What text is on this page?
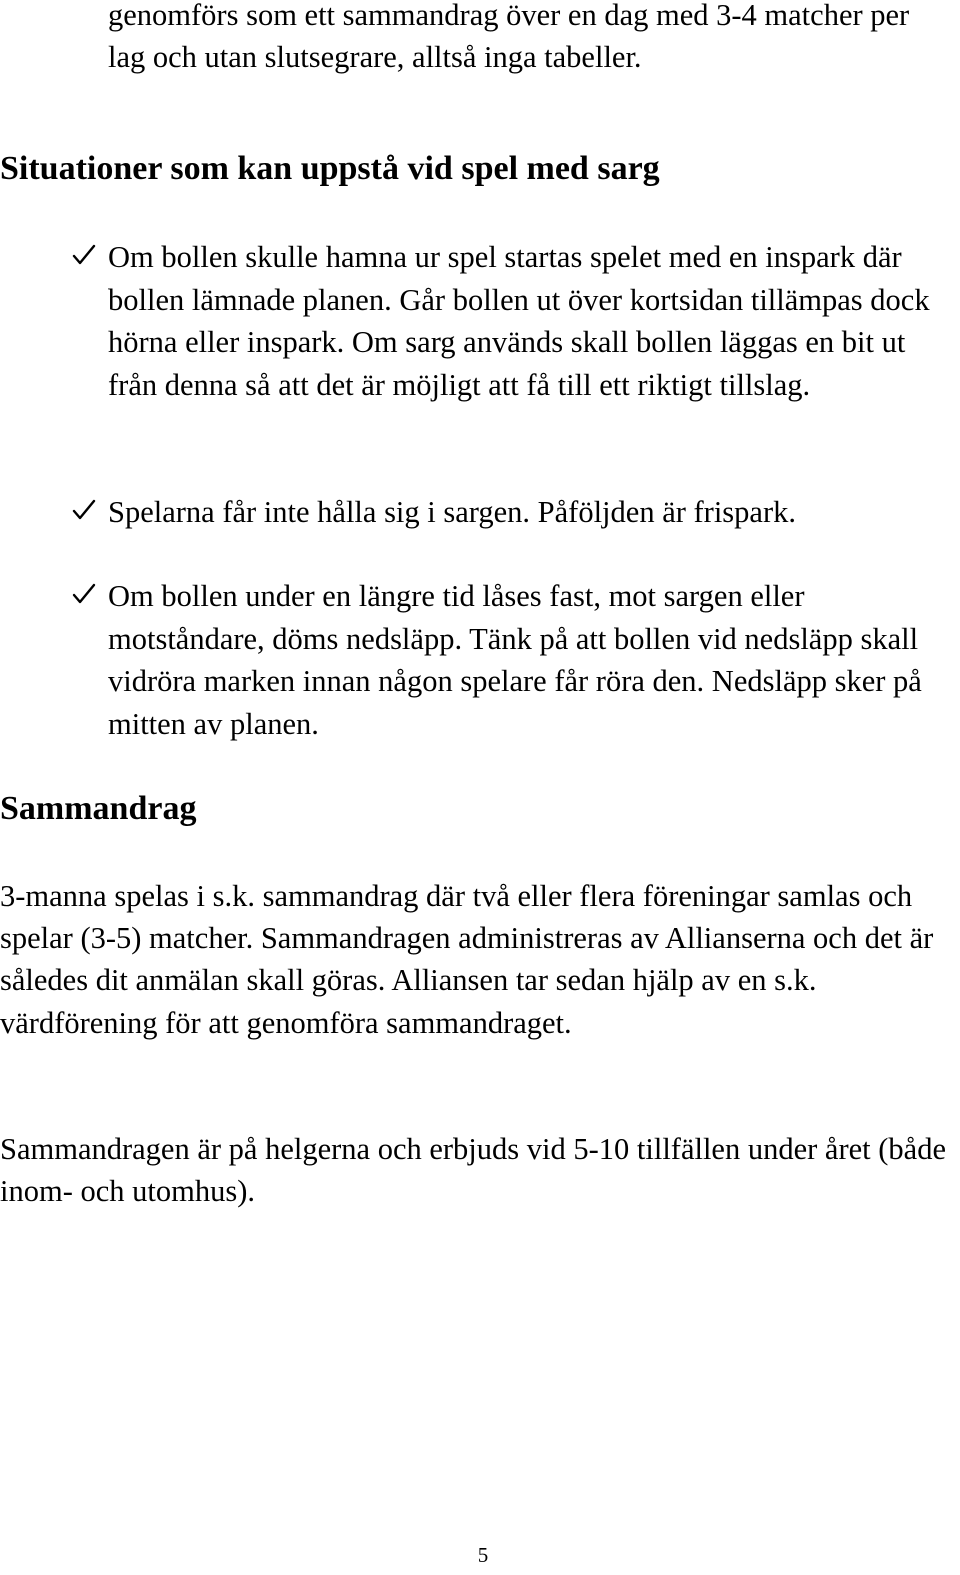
genomförs som ett sammandrag över en dag med 3-4 matcher per lag och utan slutsegrare, alltså inga tabeller.

Situationer som kan uppstå vid spel med sarg

Om bollen skulle hamna ur spel startas spelet med en inspark där bollen lämnade planen. Går bollen ut över kortsidan tillämpas dock hörna eller inspark. Om sarg används skall bollen läggas en bit ut från denna så att det är möjligt att få till ett riktigt tillslag.

Spelarna får inte hålla sig i sargen. Påföljden är frispark.

Om bollen under en längre tid låses fast, mot sargen eller motståndare, döms nedsläpp. Tänk på att bollen vid nedsläpp skall vidröra marken innan någon spelare får röra den. Nedsläpp sker på mitten av planen.

Sammandrag

3-manna spelas i s.k. sammandrag där två eller flera föreningar samlas och spelar (3-5) matcher. Sammandragen administreras av Allianserna och det är således dit anmälan skall göras. Alliansen tar sedan hjälp av en s.k. värdförening för att genomföra sammandraget.

Sammandragen är på helgerna och erbjuds vid 5-10 tillfällen under året (både inom- och utomhus).

5
